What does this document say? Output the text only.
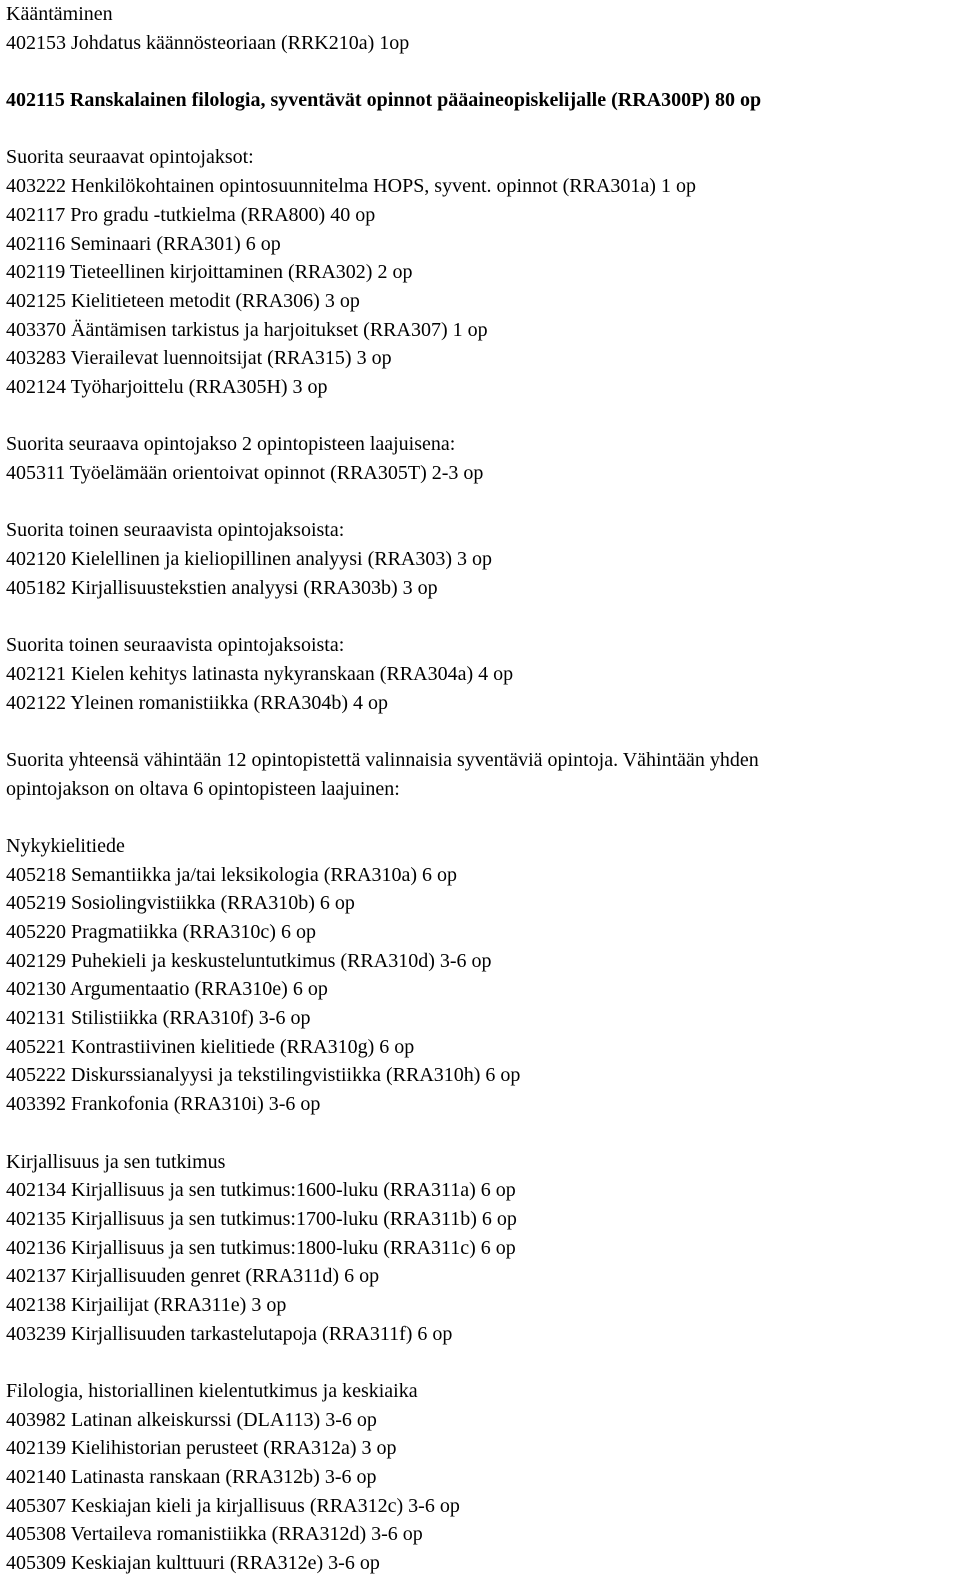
Kääntäminen
402153 Johdatus käännösteoriaan (RRK210a) 1op
402115 Ranskalainen filologia, syventävät opinnot pääaineopiskelijalle (RRA300P) 80 op
Suorita seuraavat opintojaksot:
403222 Henkilökohtainen opintosuunnitelma HOPS, syvent. opinnot (RRA301a) 1 op
402117 Pro gradu -tutkielma (RRA800) 40 op
402116 Seminaari (RRA301) 6 op
402119 Tieteellinen kirjoittaminen (RRA302) 2 op
402125 Kielitieteen metodit (RRA306) 3 op
403370 Ääntämisen tarkistus ja harjoitukset (RRA307) 1 op
403283 Vierailevat luennoitsijat (RRA315) 3 op
402124 Työharjoittelu (RRA305H) 3 op
Suorita seuraava opintojakso 2 opintopisteen laajuisena:
405311 Työelämään orientoivat opinnot (RRA305T) 2-3 op
Suorita toinen seuraavista opintojaksoista:
402120 Kielellinen ja kieliopillinen analyysi (RRA303) 3 op
405182 Kirjallisuustekstien analyysi (RRA303b) 3 op
Suorita toinen seuraavista opintojaksoista:
402121 Kielen kehitys latinasta nykyranskaan (RRA304a) 4 op
402122 Yleinen romanistiikka (RRA304b) 4 op
Suorita yhteensä vähintään 12 opintopistettä valinnaisia syventäviä opintoja. Vähintään yhden
opintojakson on oltava 6 opintopisteen laajuinen:
Nykykielitiede
405218 Semantiikka ja/tai leksikologia (RRA310a) 6 op
405219 Sosiolingvistiikka (RRA310b) 6 op
405220 Pragmatiikka (RRA310c) 6 op
402129 Puhekieli ja keskusteluntutkimus (RRA310d) 3-6 op
402130 Argumentaatio (RRA310e) 6 op
402131 Stilistiikka (RRA310f) 3-6 op
405221 Kontrastiivinen kielitiede (RRA310g) 6 op
405222 Diskurssianalyysi ja tekstilingvistiikka (RRA310h) 6 op
403392 Frankofonia (RRA310i) 3-6 op
Kirjallisuus ja sen tutkimus
402134 Kirjallisuus ja sen tutkimus:1600-luku (RRA311a) 6 op
402135 Kirjallisuus ja sen tutkimus:1700-luku (RRA311b) 6 op
402136 Kirjallisuus ja sen tutkimus:1800-luku (RRA311c) 6 op
402137 Kirjallisuuden genret (RRA311d) 6 op
402138 Kirjailijat (RRA311e) 3 op
403239 Kirjallisuuden tarkastelutapoja (RRA311f) 6 op
Filologia, historiallinen kielentutkimus ja keskiaika
403982 Latinan alkeiskurssi (DLA113) 3-6 op
402139 Kielihistorian perusteet (RRA312a) 3 op
402140 Latinasta ranskaan (RRA312b) 3-6 op
405307 Keskiajan kieli ja kirjallisuus (RRA312c) 3-6 op
405308 Vertaileva romanistiikka (RRA312d) 3-6 op
405309 Keskiajan kulttuuri (RRA312e) 3-6 op
